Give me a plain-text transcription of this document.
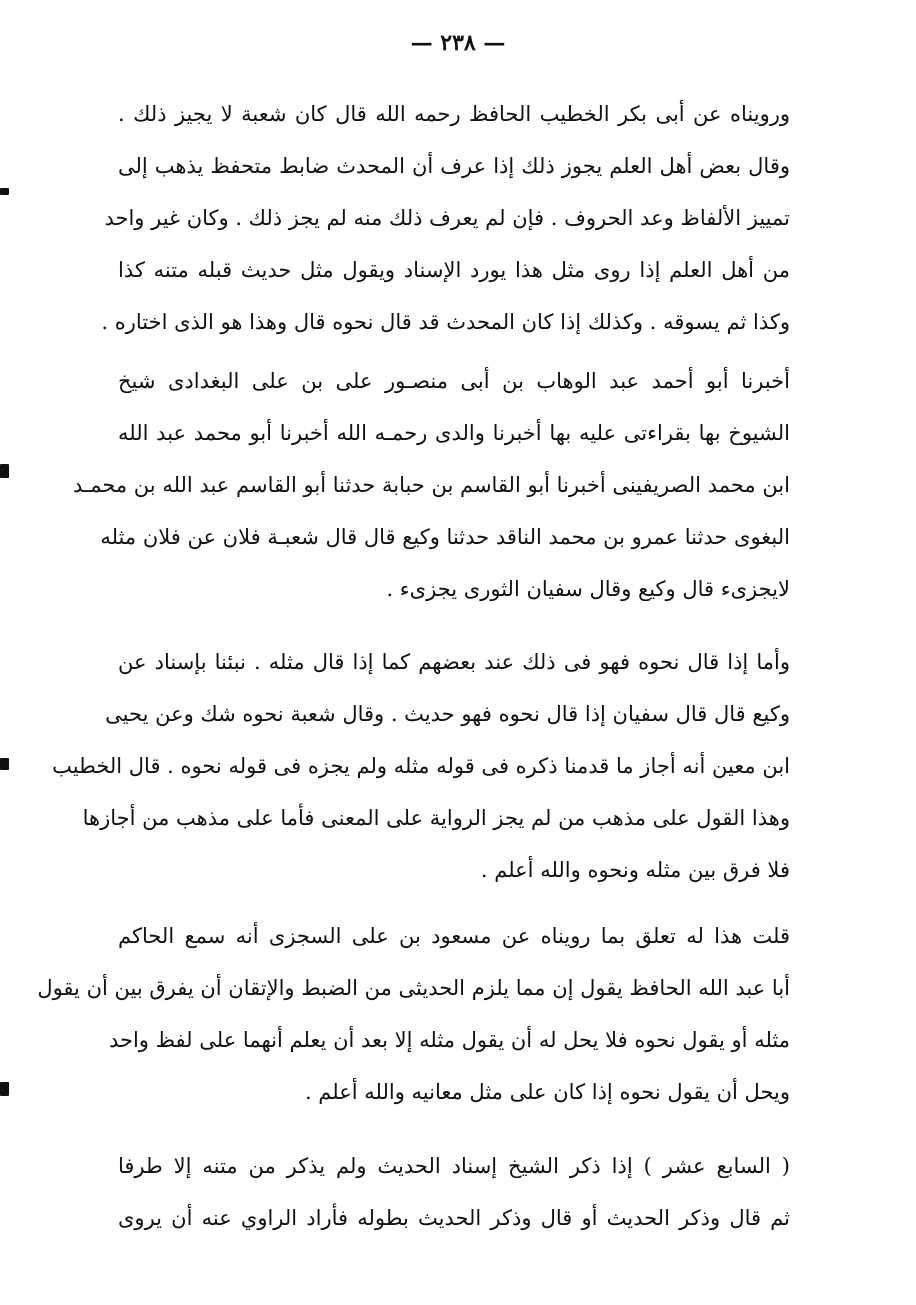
— ٢٣٨ —
ورويناه عن أبى بكر الخطيب الحافظ رحمه الله قال كان شعبة لا يجيز ذلك .
وقال بعض أهل العلم يجوز ذلك إذا عرف أن المحدث ضابط متحفظ يذهب إلى
تمييز الألفاظ وعد الحروف . فإن لم يعرف ذلك منه لم يجز ذلك . وكان غير واحد
من أهل العلم إذا روى مثل هذا يورد الإسناد ويقول مثل حديث قبله متنه كذا
وكذا ثم يسوقه . وكذلك إذا كان المحدث قد قال نحوه قال وهذا هو الذى اختاره .
أخبرنا أبو أحمد عبد الوهاب بن أبى منصـور على بن على البغدادى شيخ
الشيوخ بها بقراءتى عليه بها أخبرنا والدى رحمـه الله أخبرنا أبو محمد عبد الله
ابن محمد الصريفينى أخبرنا أبو القاسم بن حبابة حدثنا أبو القاسم عبد الله بن محمـد
البغوى حدثنا عمرو بن محمد الناقد حدثنا وكيع قال قال شعبـة فلان عن فلان مثله
لايجزىء قال وكيع وقال سفيان الثورى يجزىء .
وأما إذا قال نحوه فهو فى ذلك عند بعضهم كما إذا قال مثله . نبئنا بإسناد عن
وكيع قال قال سفيان إذا قال نحوه فهو حديث . وقال شعبة نحوه شك وعن يحيى
ابن معين أنه أجاز ما قدمنا ذكره فى قوله مثله ولم يجزه فى قوله نحوه . قال الخطيب
وهذا القول على مذهب من لم يجز الرواية على المعنى فأما على مذهب من أجازها
فلا فرق بين مثله ونحوه والله أعلم .
قلت هذا له تعلق بما رويناه عن مسعود بن على السجزى أنه سمع الحاكم
أبا عبد الله الحافظ يقول إن مما يلزم الحديثى من الضبط والإتقان أن يفرق بين أن يقول
مثله أو يقول نحوه فلا يحل له أن يقول مثله إلا بعد أن يعلم أنهما على لفظ واحد
ويحل أن يقول نحوه إذا كان على مثل معانيه والله أعلم .
( السابع عشر ) إذا ذكر الشيخ إسناد الحديث ولم يذكر من متنه إلا طرفا
ثم قال وذكر الحديث أو قال وذكر الحديث بطوله فأراد الراوي عنه أن يروى
